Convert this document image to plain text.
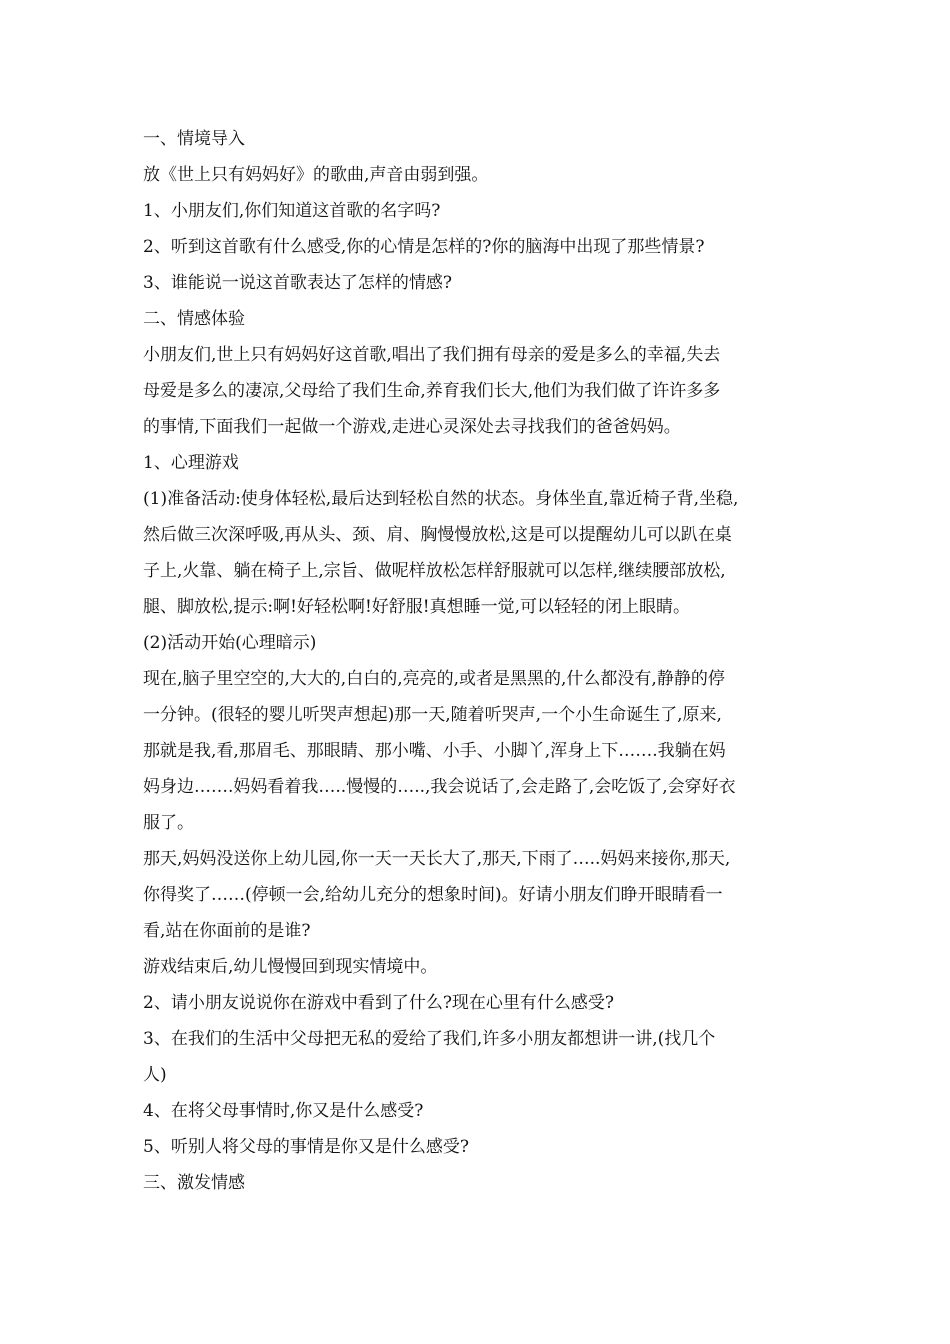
一、情境导入
放《世上只有妈妈好》的歌曲,声音由弱到强。
1、小朋友们,你们知道这首歌的名字吗?
2、听到这首歌有什么感受,你的心情是怎样的?你的脑海中出现了那些情景?
3、谁能说一说这首歌表达了怎样的情感?
二、情感体验
小朋友们,世上只有妈妈好这首歌,唱出了我们拥有母亲的爱是多么的幸福,失去
母爱是多么的凄凉,父母给了我们生命,养育我们长大,他们为我们做了许许多多
的事情,下面我们一起做一个游戏,走进心灵深处去寻找我们的爸爸妈妈。
1、心理游戏
(1)准备活动:使身体轻松,最后达到轻松自然的状态。身体坐直,靠近椅子背,坐稳,
然后做三次深呼吸,再从头、颈、肩、胸慢慢放松,这是可以提醒幼儿可以趴在桌
子上,火靠、躺在椅子上,宗旨、做呢样放松怎样舒服就可以怎样,继续腰部放松,
腿、脚放松,提示:啊!好轻松啊!好舒服!真想睡一觉,可以轻轻的闭上眼睛。
(2)活动开始(心理暗示)
现在,脑子里空空的,大大的,白白的,亮亮的,或者是黑黑的,什么都没有,静静的停
一分钟。(很轻的婴儿听哭声想起)那一天,随着听哭声,一个小生命诞生了,原来,
那就是我,看,那眉毛、那眼睛、那小嘴、小手、小脚丫,浑身上下…….我躺在妈
妈身边…….妈妈看着我…..慢慢的…..,我会说话了,会走路了,会吃饭了,会穿好衣
服了。
那天,妈妈没送你上幼儿园,你一天一天长大了,那天,下雨了…..妈妈来接你,那天,
你得奖了……(停顿一会,给幼儿充分的想象时间)。好请小朋友们睁开眼睛看一
看,站在你面前的是谁?
游戏结束后,幼儿慢慢回到现实情境中。
2、请小朋友说说你在游戏中看到了什么?现在心里有什么感受?
3、在我们的生活中父母把无私的爱给了我们,许多小朋友都想讲一讲,(找几个
人)
4、在将父母事情时,你又是什么感受?
5、听别人将父母的事情是你又是什么感受?
三、激发情感
